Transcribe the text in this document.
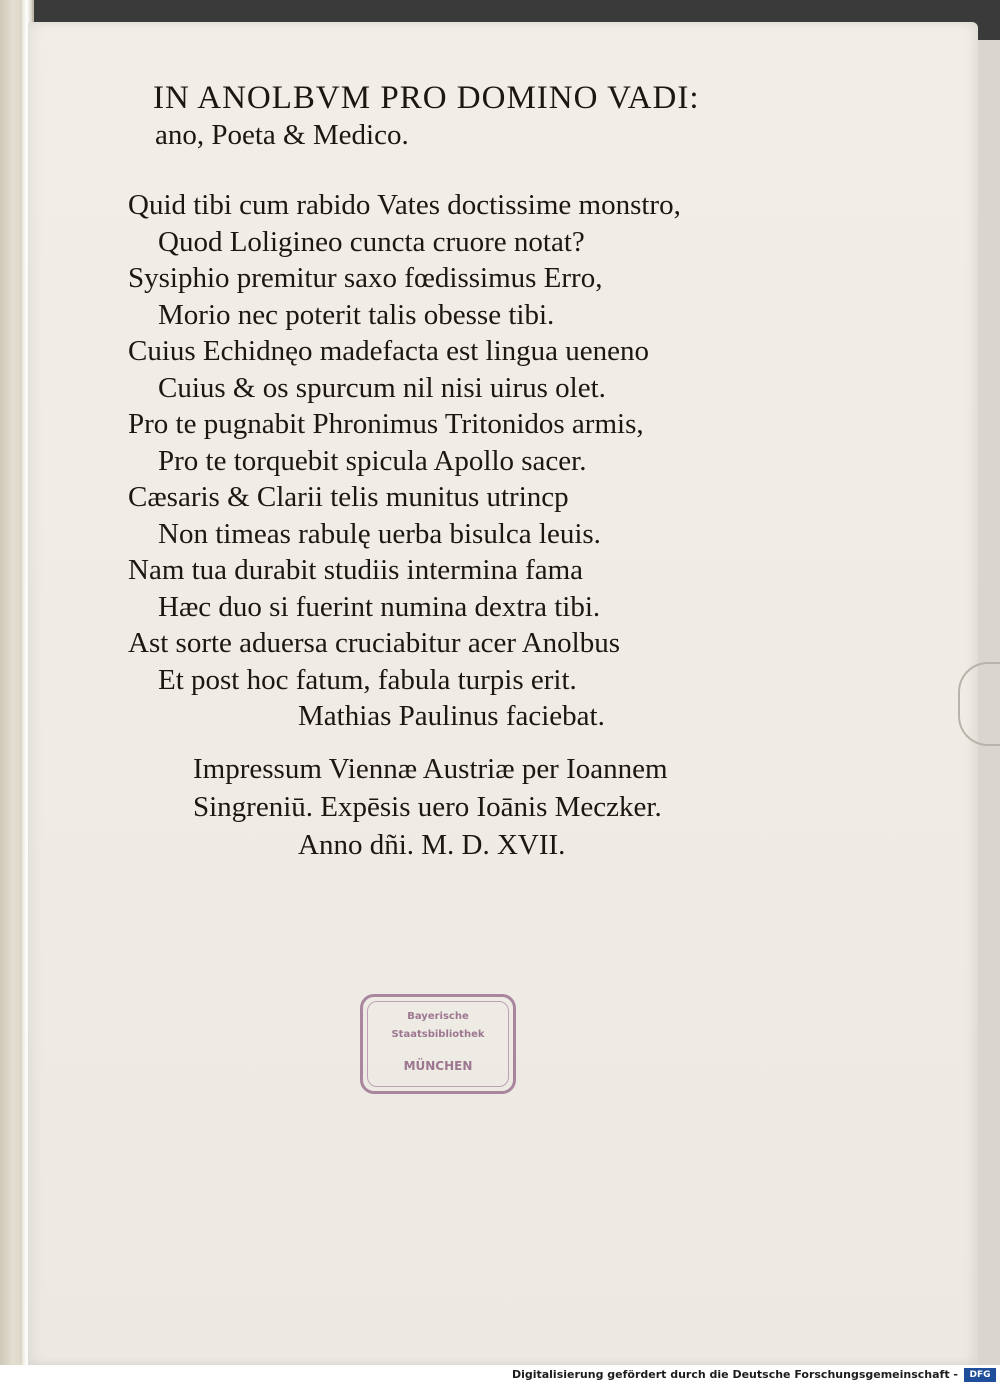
IN ANOLBVM PRO DOMINO VADI:
ano, Poeta & Medico.
Quid tibi cum rabido Vates doctissime monstro,
Quod Loligineo cuncta cruore notat?
Sysiphio premitur saxo fœdissimus Erro,
Morio nec poterit talis obesse tibi.
Cuius Echidnęo madefacta est lingua ueneno
Cuius & os spurcum nil nisi uirus olet.
Pro te pugnabit Phronimus Tritonidos armis,
Pro te torquebit spicula Apollo sacer.
Cæsaris & Clarii telis munitus utrincp
Non timeas rabulę uerba bisulca leuis.
Nam tua durabit studiis intermina fama
Hæc duo si fuerint numina dextra tibi.
Ast sorte aduersa cruciabitur acer Anolbus
Et post hoc fatum, fabula turpis erit.
Mathias Paulinus faciebat.
Impressum Viennæ Austriæ per Ioannem
Singreniū. Expēsis uero Ioānis Meczker.
Anno dñi. M. D. XVII.
Bayerische
Staatsbibliothek
MÜNCHEN
Digitalisierung gefördert durch die Deutsche Forschungsgemeinschaft -	DFG
